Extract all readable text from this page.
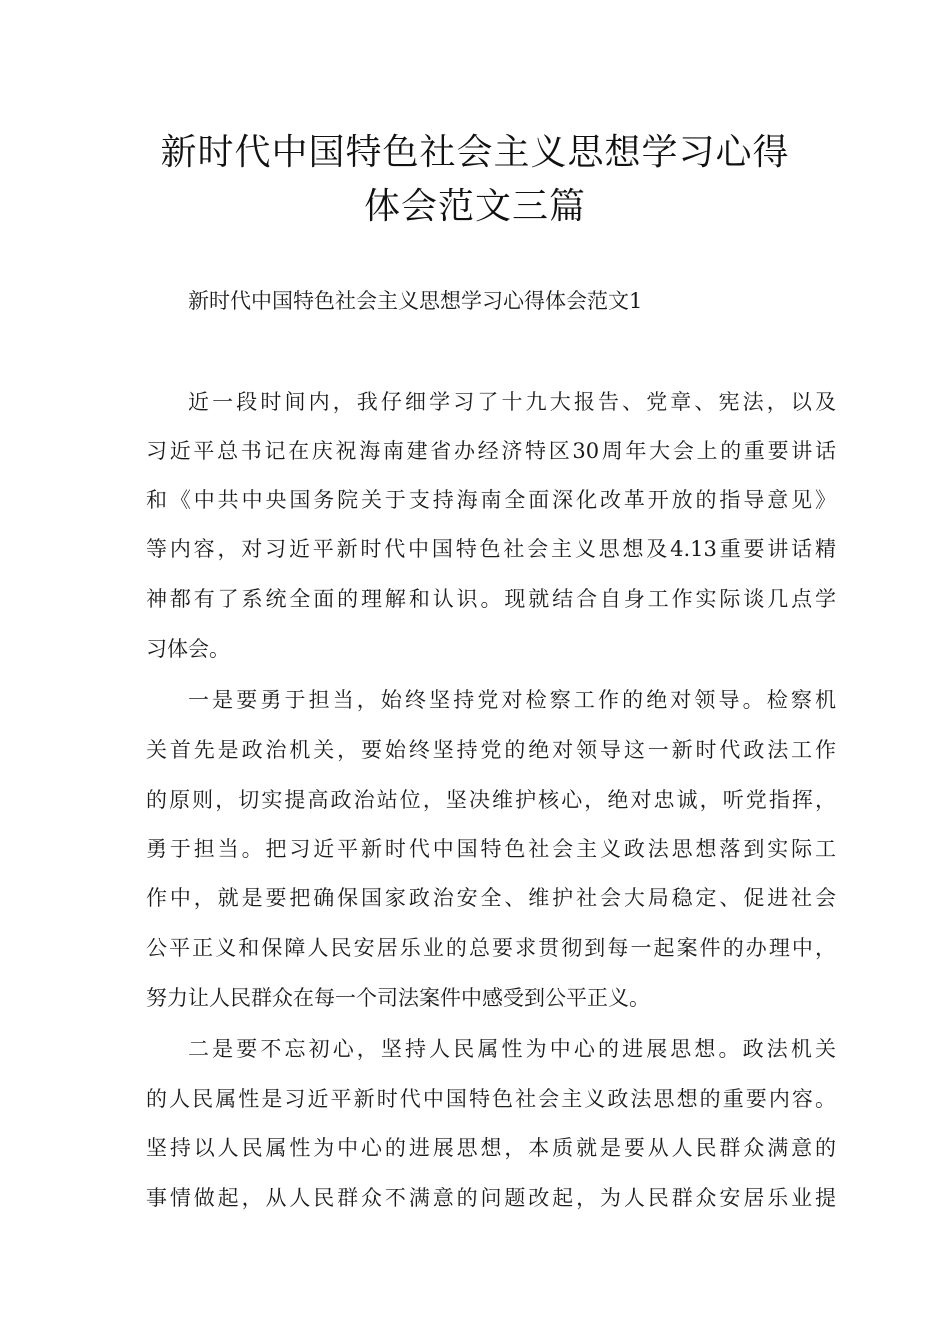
新时代中国特色社会主义思想学习心得
体会范文三篇
新时代中国特色社会主义思想学习心得体会范文1
近一段时间内，我仔细学习了十九大报告、党章、宪法，以及
习近平总书记在庆祝海南建省办经济特区30周年大会上的重要讲话
和《中共中央国务院关于支持海南全面深化改革开放的指导意见》
等内容，对习近平新时代中国特色社会主义思想及4.13重要讲话精
神都有了系统全面的理解和认识。现就结合自身工作实际谈几点学
习体会。
一是要勇于担当，始终坚持党对检察工作的绝对领导。检察机
关首先是政治机关，要始终坚持党的绝对领导这一新时代政法工作
的原则，切实提高政治站位，坚决维护核心，绝对忠诚，听党指挥，
勇于担当。把习近平新时代中国特色社会主义政法思想落到实际工
作中，就是要把确保国家政治安全、维护社会大局稳定、促进社会
公平正义和保障人民安居乐业的总要求贯彻到每一起案件的办理中，
努力让人民群众在每一个司法案件中感受到公平正义。
二是要不忘初心，坚持人民属性为中心的进展思想。政法机关
的人民属性是习近平新时代中国特色社会主义政法思想的重要内容。
坚持以人民属性为中心的进展思想，本质就是要从人民群众满意的
事情做起，从人民群众不满意的问题改起，为人民群众安居乐业提
